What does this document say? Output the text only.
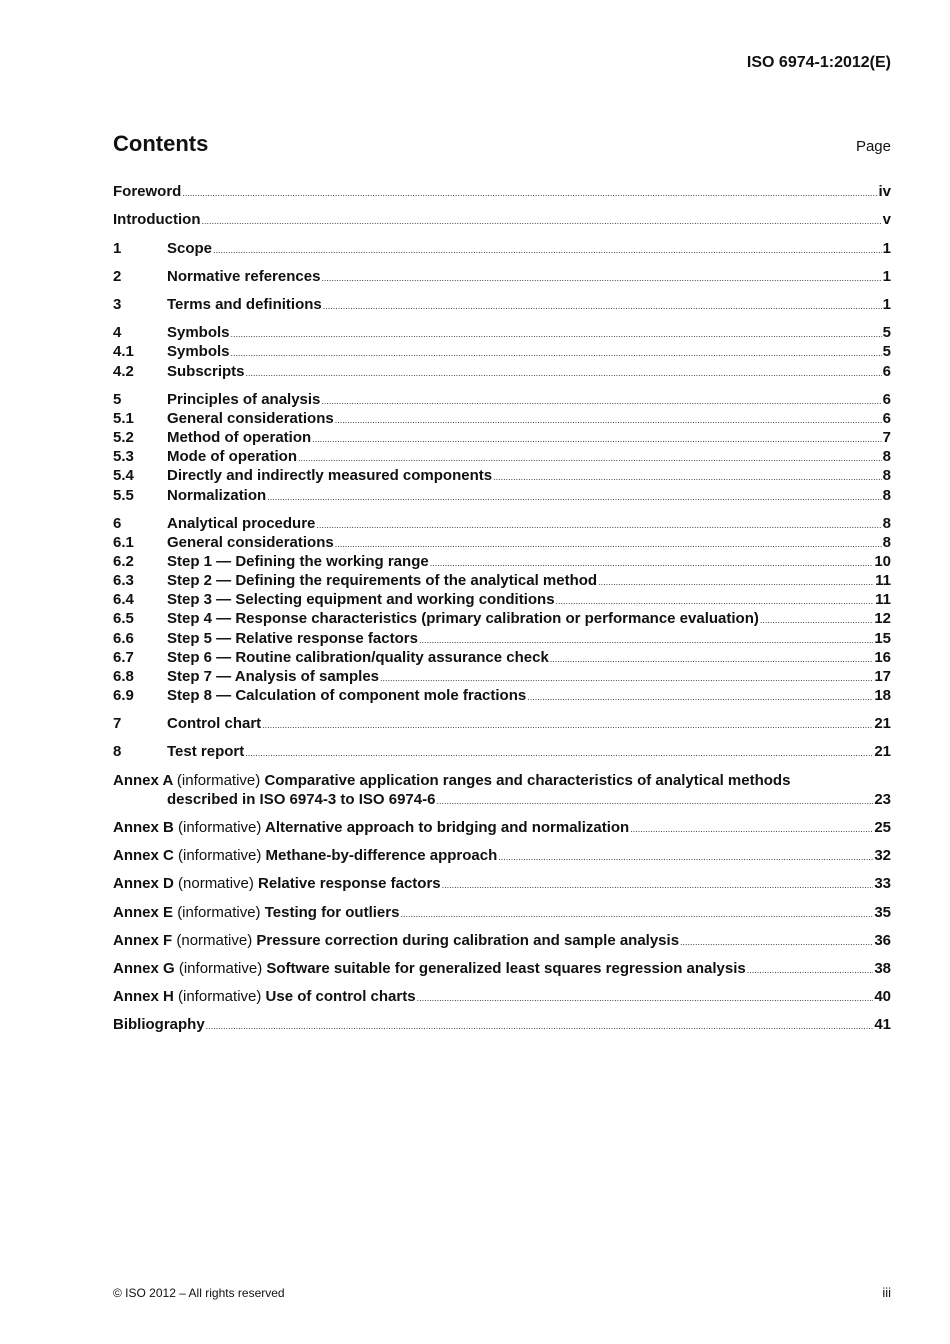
ISO 6974-1:2012(E)
Contents	Page
Foreword .....	iv
Introduction .....	v
1	Scope .....	1
2	Normative references .....	1
3	Terms and definitions .....	1
4	Symbols .....	5
4.1	Symbols .....	5
4.2	Subscripts .....	6
5	Principles of analysis .....	6
5.1	General considerations .....	6
5.2	Method of operation .....	7
5.3	Mode of operation .....	8
5.4	Directly and indirectly measured components .....	8
5.5	Normalization .....	8
6	Analytical procedure .....	8
6.1	General considerations .....	8
6.2	Step 1 — Defining the working range .....	10
6.3	Step 2 — Defining the requirements of the analytical method .....	11
6.4	Step 3 — Selecting equipment and working conditions .....	11
6.5	Step 4 — Response characteristics (primary calibration or performance evaluation) .....	12
6.6	Step 5 — Relative response factors .....	15
6.7	Step 6 — Routine calibration/quality assurance check .....	16
6.8	Step 7 — Analysis of samples .....	17
6.9	Step 8 — Calculation of component mole fractions .....	18
7	Control chart .....	21
8	Test report .....	21
Annex A (informative) Comparative application ranges and characteristics of analytical methods
described in ISO 6974-3 to ISO 6974-6 .....	23
Annex B (informative) Alternative approach to bridging and normalization .....	25
Annex C (informative) Methane-by-difference approach .....	32
Annex D (normative) Relative response factors .....	33
Annex E (informative) Testing for outliers .....	35
Annex F (normative) Pressure correction during calibration and sample analysis .....	36
Annex G (informative) Software suitable for generalized least squares regression analysis .....	38
Annex H (informative) Use of control charts .....	40
Bibliography .....	41
© ISO 2012 – All rights reserved	iii
